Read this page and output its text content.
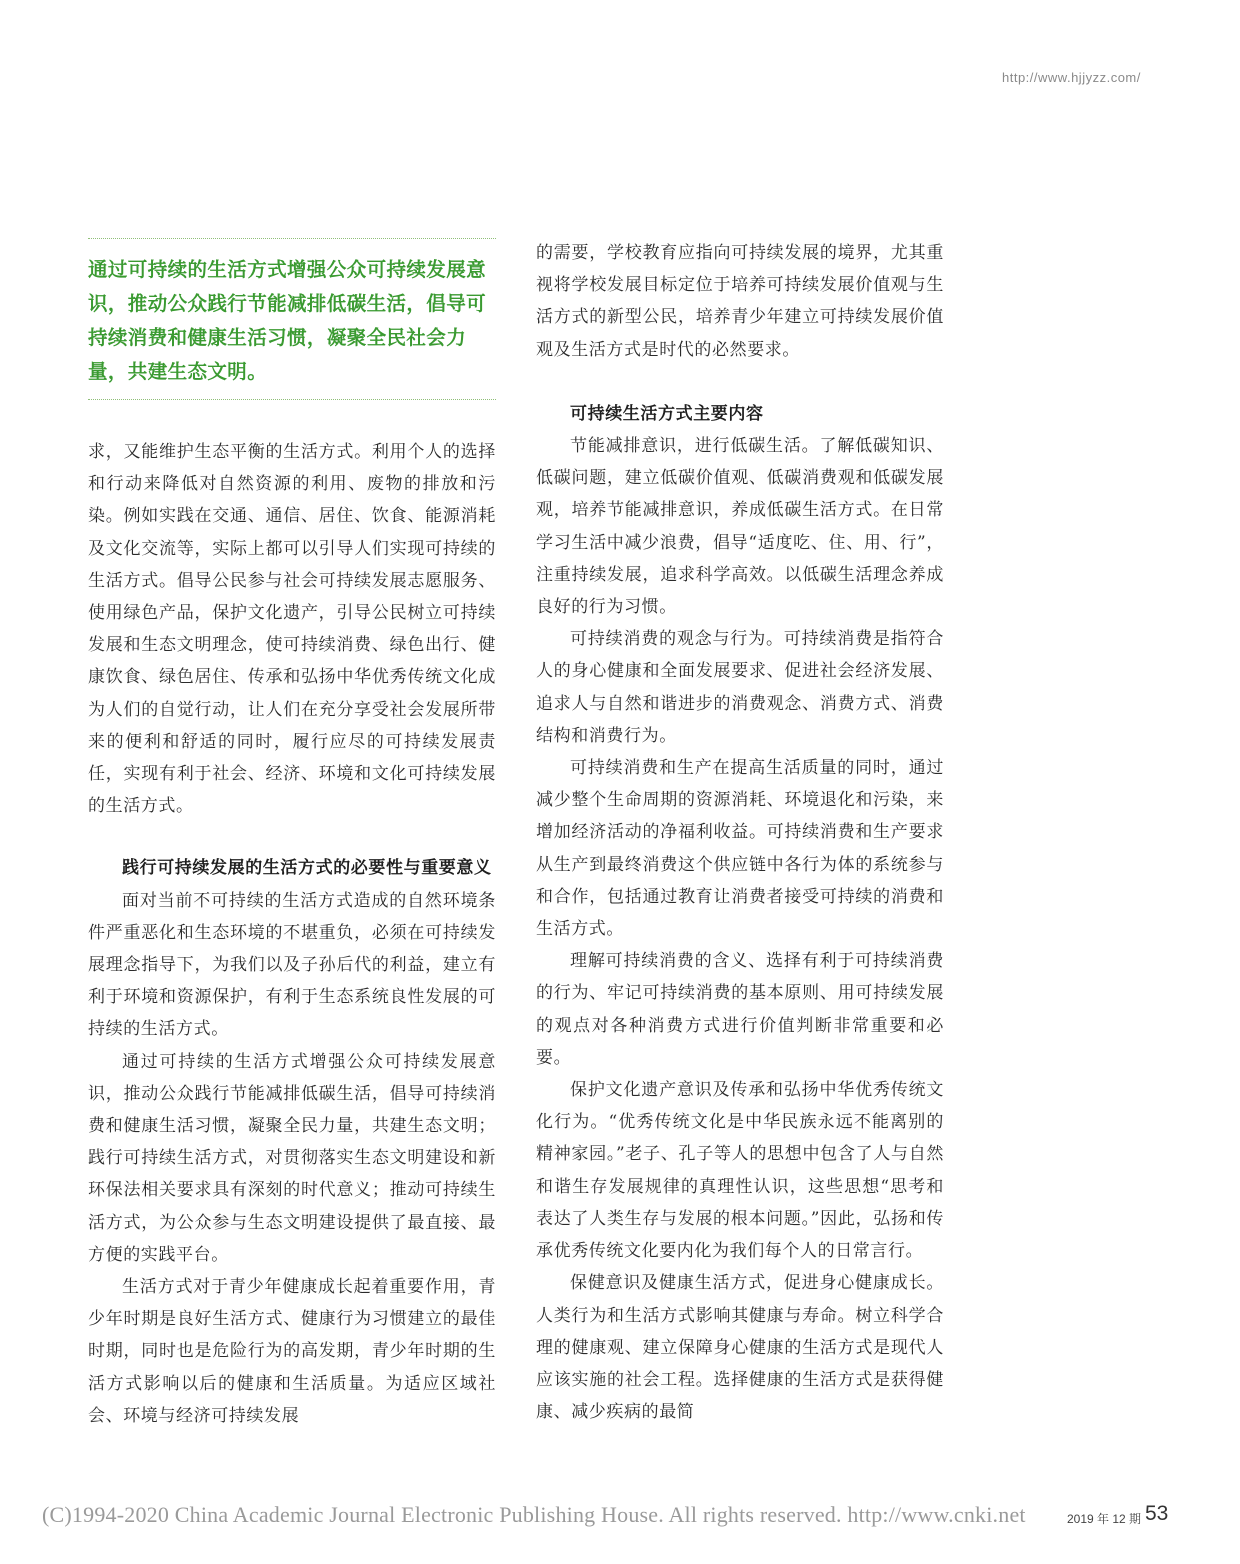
http://www.hjjyzz.com/
通过可持续的生活方式增强公众可持续发展意识，推动公众践行节能减排低碳生活，倡导可持续消费和健康生活习惯，凝聚全民社会力量，共建生态文明。

求，又能维护生态平衡的生活方式。利用个人的选择和行动来降低对自然资源的利用、废物的排放和污染。例如实践在交通、通信、居住、饮食、能源消耗及文化交流等，实际上都可以引导人们实现可持续的生活方式。倡导公民参与社会可持续发展志愿服务、使用绿色产品，保护文化遗产，引导公民树立可持续发展和生态文明理念，使可持续消费、绿色出行、健康饮食、绿色居住、传承和弘扬中华优秀传统文化成为人们的自觉行动，让人们在充分享受社会发展所带来的便利和舒适的同时，履行应尽的可持续发展责任，实现有利于社会、经济、环境和文化可持续发展的生活方式。

践行可持续发展的生活方式的必要性与重要意义

面对当前不可持续的生活方式造成的自然环境条件严重恶化和生态环境的不堪重负，必须在可持续发展理念指导下，为我们以及子孙后代的利益，建立有利于环境和资源保护，有利于生态系统良性发展的可持续的生活方式。

通过可持续的生活方式增强公众可持续发展意识，推动公众践行节能减排低碳生活，倡导可持续消费和健康生活习惯，凝聚全民力量，共建生态文明；践行可持续生活方式，对贯彻落实生态文明建设和新环保法相关要求具有深刻的时代意义；推动可持续生活方式，为公众参与生态文明建设提供了最直接、最方便的实践平台。

生活方式对于青少年健康成长起着重要作用，青少年时期是良好生活方式、健康行为习惯建立的最佳时期，同时也是危险行为的高发期，青少年时期的生活方式影响以后的健康和生活质量。为适应区域社会、环境与经济可持续发展

的需要，学校教育应指向可持续发展的境界，尤其重视将学校发展目标定位于培养可持续发展价值观与生活方式的新型公民，培养青少年建立可持续发展价值观及生活方式是时代的必然要求。

可持续生活方式主要内容

节能减排意识，进行低碳生活。了解低碳知识、低碳问题，建立低碳价值观、低碳消费观和低碳发展观，培养节能减排意识，养成低碳生活方式。在日常学习生活中减少浪费，倡导“适度吃、住、用、行”，注重持续发展，追求科学高效。以低碳生活理念养成良好的行为习惯。

可持续消费的观念与行为。可持续消费是指符合人的身心健康和全面发展要求、促进社会经济发展、追求人与自然和谐进步的消费观念、消费方式、消费结构和消费行为。

可持续消费和生产在提高生活质量的同时，通过减少整个生命周期的资源消耗、环境退化和污染，来增加经济活动的净福利收益。可持续消费和生产要求从生产到最终消费这个供应链中各行为体的系统参与和合作，包括通过教育让消费者接受可持续的消费和生活方式。

理解可持续消费的含义、选择有利于可持续消费的行为、牢记可持续消费的基本原则、用可持续发展的观点对各种消费方式进行价值判断非常重要和必要。

保护文化遗产意识及传承和弘扬中华优秀传统文化行为。“优秀传统文化是中华民族永远不能离别的精神家园。”老子、孔子等人的思想中包含了人与自然和谐生存发展规律的真理性认识，这些思想“思考和表达了人类生存与发展的根本问题。”因此，弘扬和传承优秀传统文化要内化为我们每个人的日常言行。

保健意识及健康生活方式，促进身心健康成长。人类行为和生活方式影响其健康与寿命。树立科学合理的健康观、建立保障身心健康的生活方式是现代人应该实施的社会工程。选择健康的生活方式是获得健康、减少疾病的最简

(C)1994-2020 China Academic Journal Electronic Publishing House. All rights reserved. http://www.cnki.net	2019 年 12 期 53
